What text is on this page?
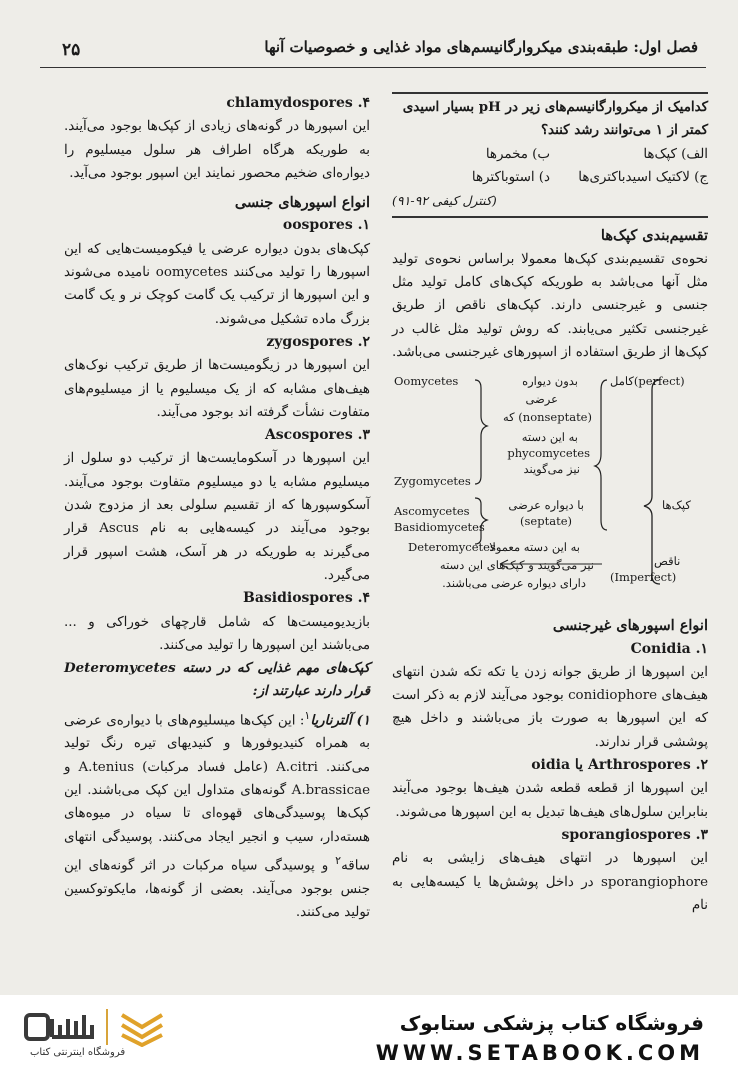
فصل اول: طبقه‌بندی میکروارگانیسم‌های مواد غذایی و خصوصیات آنها
۲۵

کدامیک از میکروارگانیسم‌های زیر در pH بسیار اسیدی

کمتر از ۱ می‌توانند رشد کنند؟

الف) کپک‌ها
ب) مخمرها
ج) لاکتیک اسیدباکتری‌ها
د) استوباکترها

(کنترل کیفی ۹۲-۹۱)

تقسیم‌بندی کپک‌ها

نحوه‌ی تقسیم‌بندی کپک‌ها معمولا براساس نحوه‌ی تولید مثل آنها می‌باشد به طوریکه کپک‌های کامل تولید مثل جنسی و غیرجنسی دارند. کپک‌های ناقص از طریق غیرجنسی تکثیر می‌یابند. که روش تولید مثل غالب در کپک‌ها از طریق استفاده از اسپورهای غیرجنسی می‌باشد.

کامل(perfect)
کپک‌ها
ناقص
(Imperfect)
Oomycetes
Zygomycetes
Ascomycetes
Basidiomycetes
Deteromycetes
بدون دیواره
عرضی
(nonseptate) که
به این دسته
phycomycetes
نیز می‌گویند
با دیواره عرضی
(septate)
به این دسته معمولا
نیز می‌گویند و کپک‌های این دسته
دارای دیواره عرضی می‌باشند.

انواع اسپورهای غیرجنسی

Conidia .۱

این اسپورها از طریق جوانه زدن یا تکه تکه شدن انتهای هیف‌های conidiophore بوجود می‌آیند لازم به ذکر است که این اسپورها به صورت باز می‌باشند و داخل هیچ پوششی قرار ندارند.

Arthrospores .۲ یا oidia

این اسپورها از قطعه قطعه شدن هیف‌ها بوجود می‌آیند بنابراین سلول‌های هیف‌ها تبدیل به این اسپورها می‌شوند.

sporangiospores .۳

این اسپورها در انتهای هیف‌های زایشی به نام sporangiophore در داخل پوشش‌ها یا کیسه‌هایی به نام

chlamydospores .۴

این اسپورها در گونه‌های زیادی از کپک‌ها بوجود می‌آیند. به طوریکه هرگاه اطراف هر سلول میسلیوم را دیواره‌ای ضخیم محصور نمایند این اسپور بوجود می‌آید.

انواع اسپورهای جنسی

oospores .۱

کپک‌های بدون دیواره عرضی یا فیکومیست‌هایی که این اسپورها را تولید می‌کنند oomycetes نامیده می‌شوند و این اسپورها از ترکیب یک گامت کوچک نر و یک گامت بزرگ ماده تشکیل می‌شوند.

zygospores .۲

این اسپورها در زیگومیست‌ها از طریق ترکیب نوک‌های هیف‌های مشابه که از یک میسلیوم یا از میسلیوم‌های متفاوت نشأت گرفته اند بوجود می‌آیند.

Ascospores .۳

این اسپورها در آسکومایست‌ها از ترکیب دو سلول از میسلیوم مشابه یا دو میسلیوم متفاوت بوجود می‌آیند. آسکوسپورها که از تقسیم سلولی بعد از مزدوج شدن بوجود می‌آیند در کیسه‌هایی به نام Ascus قرار می‌گیرند به طوریکه در هر آسک، هشت اسپور قرار می‌گیرد.

Basidiospores .۴

بازیدیومیست‌ها که شامل قارچهای خوراکی و ... می‌باشند این اسپورها را تولید می‌کنند.

کپک‌های مهم غذایی که در دسته Deteromycetes قرار دارند عبارتند از:

۱) آلترناریا$^۱$: این کپک‌ها میسلیوم‌های با دیواره‌ی عرضی به همراه کنیدیوفورها و کنیدیهای تیره رنگ تولید می‌کنند. A.citri (عامل فساد مرکبات) A.tenius و A.brassicae گونه‌های متداول این کپک می‌باشند. این کپک‌ها پوسیدگی‌های قهوه‌ای تا سیاه در میوه‌های هسته‌دار، سیب و انجیر ایجاد می‌کنند. پوسیدگی انتهای ساقه$^۲$ و پوسیدگی سیاه مرکبات در اثر گونه‌های این جنس بوجود می‌آیند. بعضی از گونه‌ها، مایکوتوکسین تولید می‌کنند.

فروشگاه اینترنتی کتاب
فروشگاه کتاب پزشکی ستابوک
WWW.SETABOOK.COM
